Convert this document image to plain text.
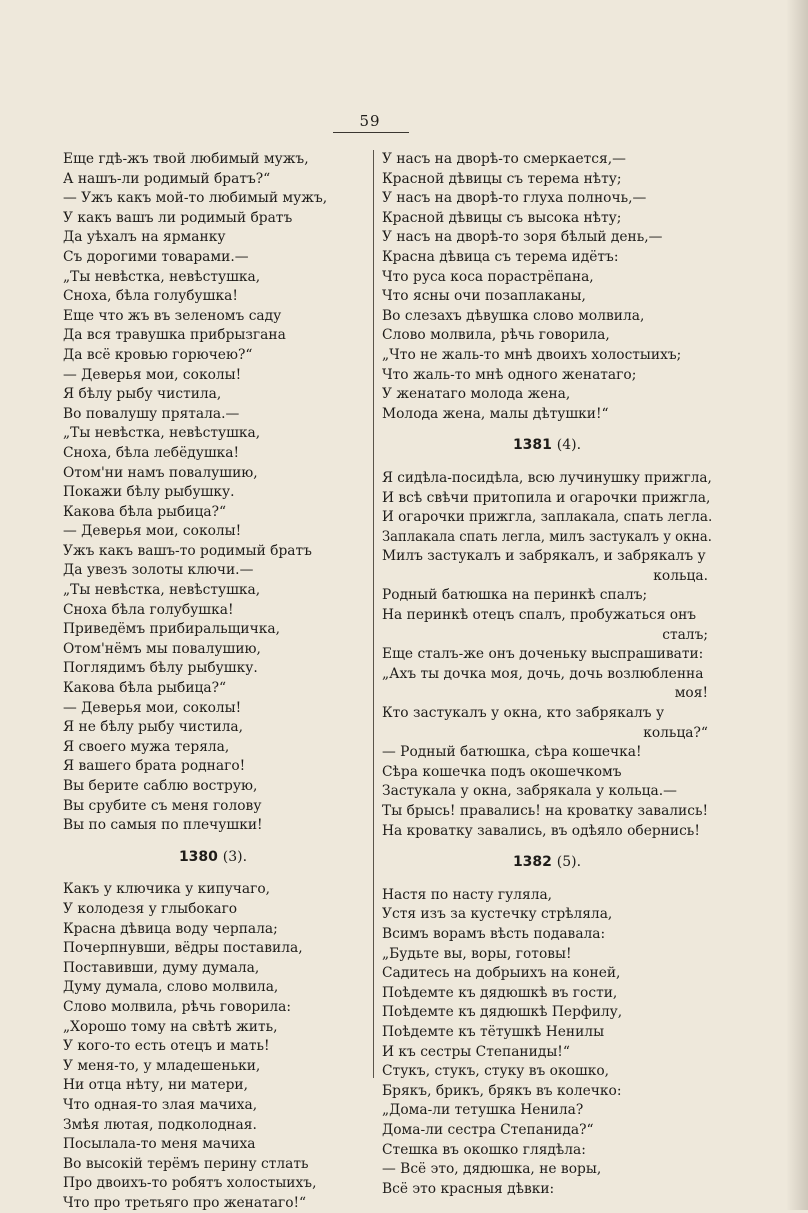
59
Еще гдѣ-жъ твой любимый мужъ,
А нашъ-ли родимый братъ?“
— Ужъ какъ мой-то любимый мужъ,
У какъ вашъ ли родимый братъ
Да уѣхалъ на ярманку
Съ дорогими товарами.—
„Ты невѣстка, невѣстушка,
Сноха, бѣла голубушка!
Еще что жъ въ зеленомъ саду
Да вся травушка прибрызгана
Да всё кровью горючею?“
— Деверья мои, соколы!
Я бѣлу рыбу чистила,
Во повалушу прятала.—
„Ты невѣстка, невѣстушка,
Сноха, бѣла лебёдушка!
Отом'ни намъ повалушию,
Покажи бѣлу рыбушку.
Какова бѣла рыбица?“
— Деверья мои, соколы!
Ужъ какъ вашъ-то родимый братъ
Да увезъ золоты ключи.—
„Ты невѣстка, невѣстушка,
Сноха бѣла голубушка!
Приведёмъ прибиральщичка,
Отом'нёмъ мы повалушию,
Поглядимъ бѣлу рыбушку.
Какова бѣла рыбица?“
— Деверья мои, соколы!
Я не бѣлу рыбу чистила,
Я своего мужа теряла,
Я вашего брата роднаго!
Вы берите саблю вострую,
Вы срубите съ меня голову
Вы по самыя по плечушки!
1380 (3).
Какъ у ключика у кипучаго,
У колодезя у глыбокаго
Красна дѣвица воду черпала;
Почерпнувши, вёдры поставила,
Поставивши, думу думала,
Думу думала, слово молвила,
Слово молвила, рѣчь говорила:
„Хорошо тому на свѣтѣ жить,
У кого-то есть отецъ и мать!
У меня-то, у младешеньки,
Ни отца нѣту, ни матери,
Что одная-то злая мачиха,
Змѣя лютая, подколодная.
Посылала-то меня мачиха
Во высокій терёмъ перину стлать
Про двоихъ-то робятъ холостыихъ,
Что про третьяго про женатаго!“
У насъ на дворѣ-то смеркается,—
Красной дѣвицы съ терема нѣту;
У насъ на дворѣ-то глуха полночь,—
Красной дѣвицы съ высока нѣту;
У насъ на дворѣ-то зоря бѣлый день,—
Красна дѣвица съ терема идётъ:
Что руса коса порастрёпана,
Что ясны очи позаплаканы,
Во слезахъ дѣвушка слово молвила,
Слово молвила, рѣчь говорила,
„Что не жаль-то мнѣ двоихъ холостыихъ;
Что жаль-то мнѣ одного женатаго;
У женатаго молода жена,
Молода жена, малы дѣтушки!“
1381 (4).
Я сидѣла-посидѣла, всю лучинушку прижгла,
И всѣ свѣчи притопила и огарочки прижгла,
И огарочки прижгла, заплакала, спать легла.
Заплакала спать легла, милъ застукалъ у окна.
Милъ застукалъ и забрякалъ, и забрякалъ у
кольца.
Родный батюшка на перинкѣ спалъ;
На перинкѣ отецъ спалъ, пробужаться онъ
сталъ;
Еще сталъ-же онъ доченьку выспрашивати:
„Ахъ ты дочка моя, дочь, дочь возлюбленна
моя!
Кто застукалъ у окна, кто забрякалъ у
кольца?“
— Родный батюшка, сѣра кошечка!
Сѣра кошечка подъ окошечкомъ
Застукала у окна, забрякала у кольца.—
Ты брысь! правались! на кроватку завались!
На кроватку завались, въ одѣяло обернись!
1382 (5).
Настя по насту гуляла,
Устя изъ за кустечку стрѣляла,
Всимъ ворамъ вѣсть подавала:
„Будьте вы, воры, готовы!
Садитесь на добрыихъ на коней,
Поѣдемте къ дядюшкѣ въ гости,
Поѣдемте къ дядюшкѣ Перфилу,
Поѣдемте къ тётушкѣ Ненилы
И къ сестры Степаниды!“
Стукъ, стукъ, стуку въ окошко,
Брякъ, брикъ, брякъ въ колечко:
„Дома-ли тетушка Ненила?
Дома-ли сестра Степанида?“
Стешка въ окошко глядѣла:
— Всё это, дядюшка, не воры,
Всё это красныя дѣвки:
